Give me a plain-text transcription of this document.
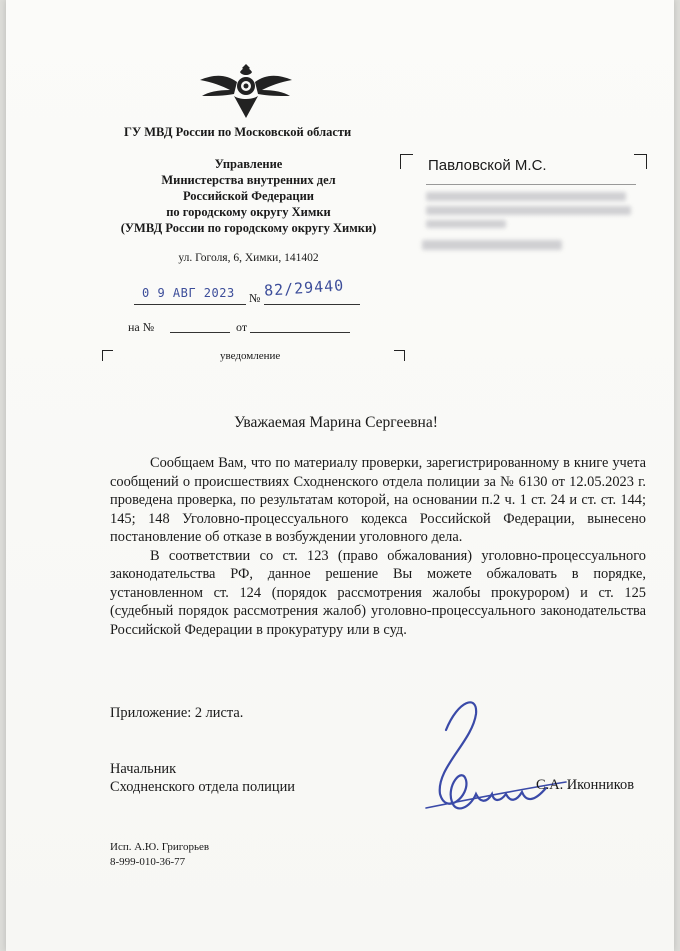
ГУ МВД России по Московской области
Управление
Министерства внутренних дел
Российской Федерации
по городскому округу Химки
(УМВД России по городскому округу Химки)
ул. Гоголя, 6, Химки, 141402
0 9 АВГ 2023 № 82/29440
на №	от
уведомление
Павловской М.С.
Уважаемая Марина Сергеевна!

Сообщаем Вам, что по материалу проверки, зарегистрированному в книге учета сообщений о происшествиях Сходненского отдела полиции за № 6130 от 12.05.2023 г. проведена проверка, по результатам которой, на основании п.2 ч. 1 ст. 24 и ст. ст. 144; 145; 148 Уголовно-процессуального кодекса Российской Федерации, вынесено постановление об отказе в возбуждении уголовного дела.

В соответствии со ст. 123 (право обжалования) уголовно-процессуального законодательства РФ, данное решение Вы можете обжаловать в порядке, установленном ст. 124 (порядок рассмотрения жалобы прокурором) и ст. 125 (судебный порядок рассмотрения жалоб) уголовно-процессуального законодательства Российской Федерации в прокуратуру или в суд.

Приложение: 2 листа.
Начальник
Сходненского отдела полиции	С.А. Иконников
Исп. А.Ю. Григорьев
8-999-010-36-77
